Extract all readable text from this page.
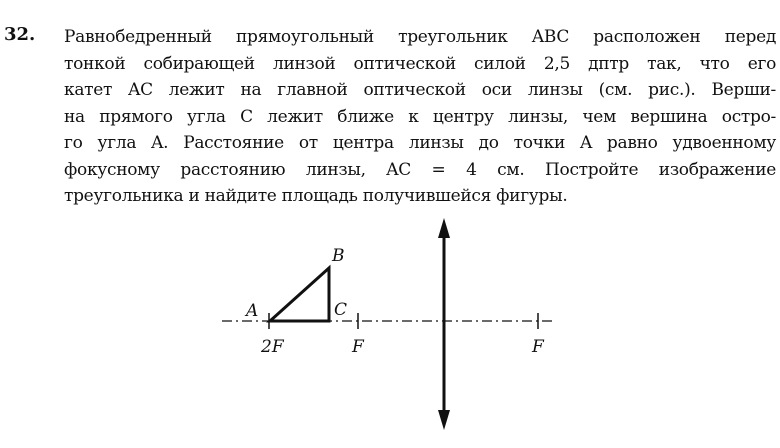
32. Равнобедренный прямоугольный треугольник ABC расположен перед
тонкой собирающей линзой оптической силой 2,5 дптр так, что его
катет AC лежит на главной оптической оси линзы (см. рис.). Верши-
на прямого угла C лежит ближе к центру линзы, чем вершина остро-
го угла A. Расстояние от центра линзы до точки A равно удвоенному
фокусному расстоянию линзы, AC = 4 см. Постройте изображение
треугольника и найдите площадь получившейся фигуры.
A
B
C
2F	F	F
